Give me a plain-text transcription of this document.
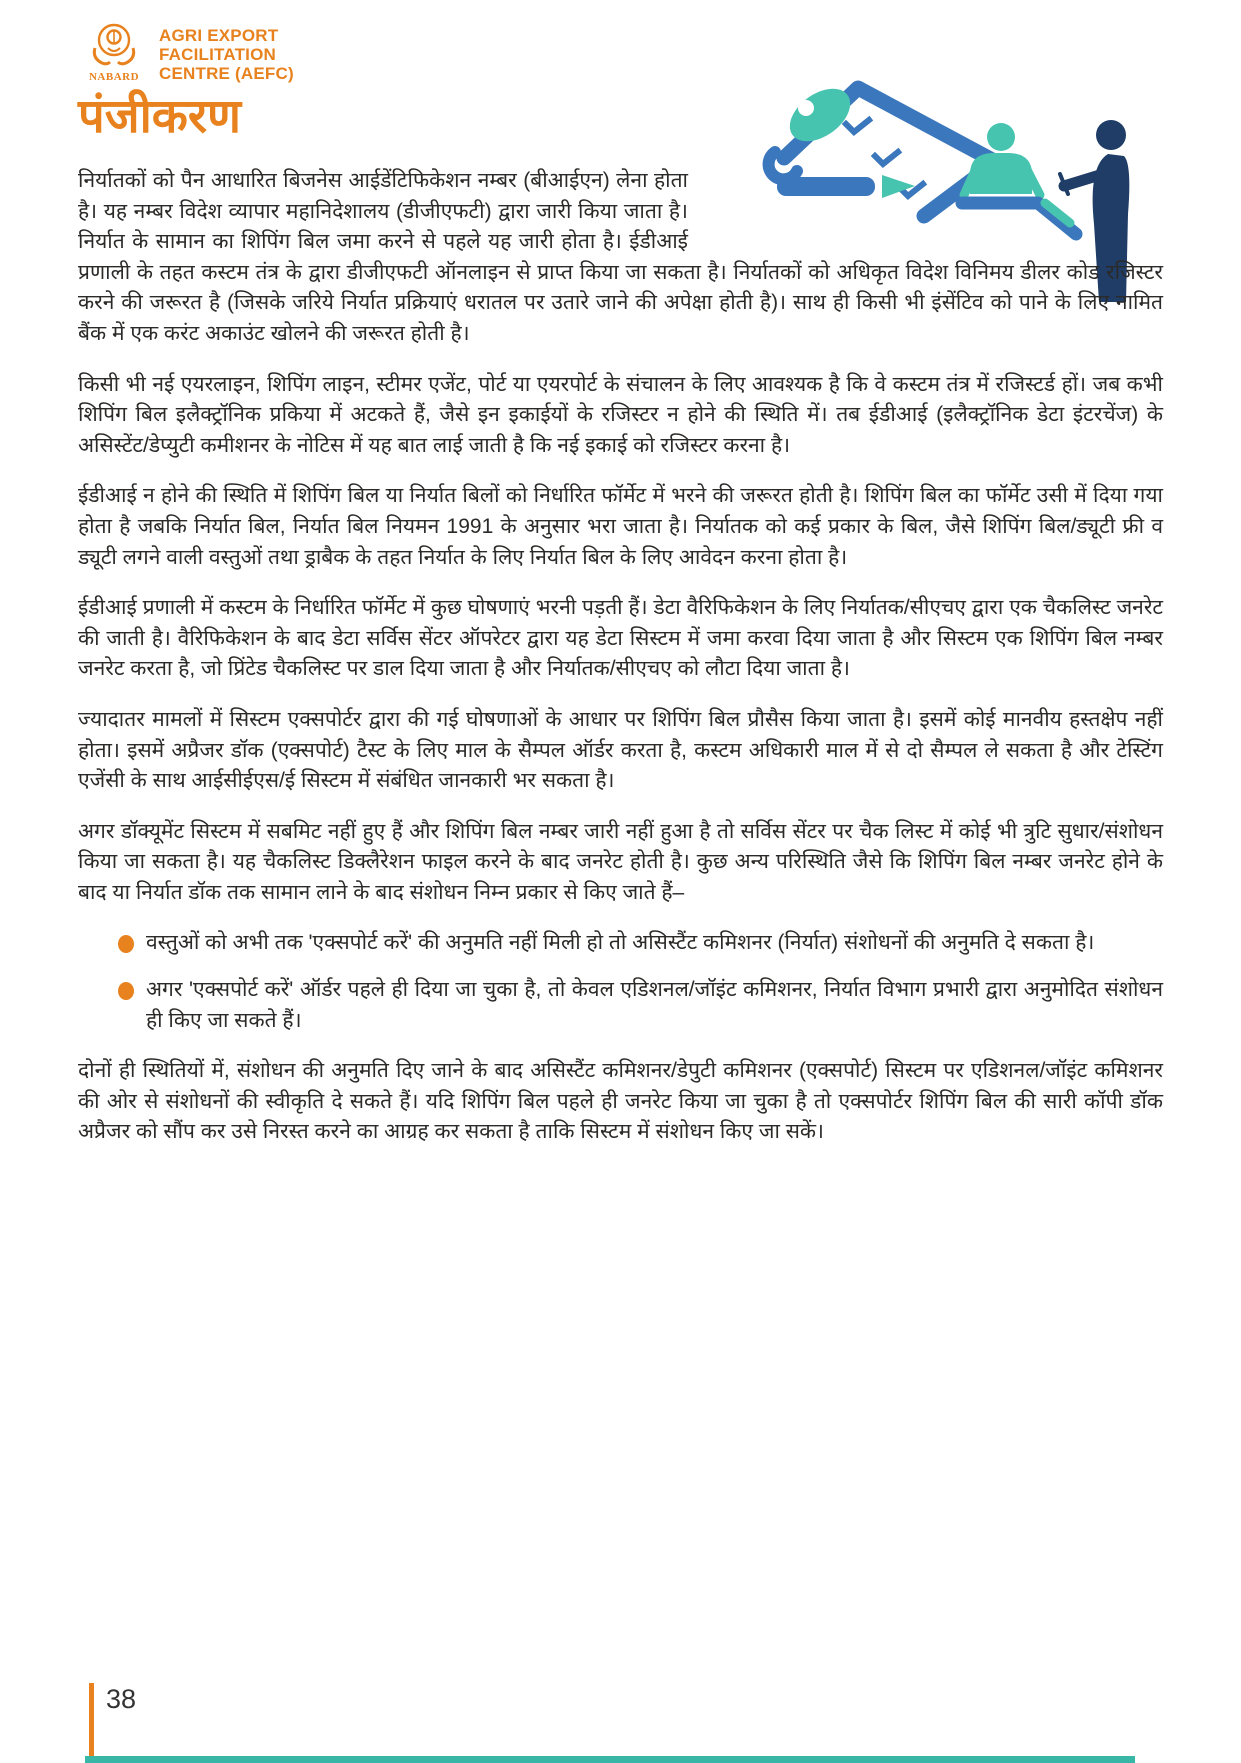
NABARD
AGRI EXPORT
FACILITATION
CENTRE (AEFC)
पंजीकरण

निर्यातकों को पैन आधारित बिजनेस आईडेंटिफिकेशन नम्बर (बीआईएन) लेना होता है। यह नम्बर विदेश व्यापार महानिदेशालय (डीजीएफटी) द्वारा जारी किया जाता है। निर्यात के सामान का शिपिंग बिल जमा करने से पहले यह जारी होता है। ईडीआई प्रणाली के तहत कस्टम तंत्र के द्वारा डीजीएफटी ऑनलाइन से प्राप्त किया जा सकता है। निर्यातकों को अधिकृत विदेश विनिमय डीलर कोड रजिस्टर करने की जरूरत है (जिसके जरिये निर्यात प्रक्रियाएं धरातल पर उतारे जाने की अपेक्षा होती है)। साथ ही किसी भी इंसेंटिव को पाने के लिए नामित बैंक में एक करंट अकाउंट खोलने की जरूरत होती है।

किसी भी नई एयरलाइन, शिपिंग लाइन, स्टीमर एजेंट, पोर्ट या एयरपोर्ट के संचालन के लिए आवश्यक है कि वे कस्टम तंत्र में रजिस्टर्ड हों। जब कभी शिपिंग बिल इलैक्ट्रॉनिक प्रकिया में अटकते हैं, जैसे इन इकाईयों के रजिस्टर न होने की स्थिति में। तब ईडीआई (इलैक्ट्रॉनिक डेटा इंटरचेंज) के असिस्टेंट/डेप्युटी कमीशनर के नोटिस में यह बात लाई जाती है कि नई इकाई को रजिस्टर करना है।

ईडीआई न होने की स्थिति में शिपिंग बिल या निर्यात बिलों को निर्धारित फॉर्मेट में भरने की जरूरत होती है। शिपिंग बिल का फॉर्मेट उसी में दिया गया होता है जबकि निर्यात बिल, निर्यात बिल नियमन 1991 के अनुसार भरा जाता है। निर्यातक को कई प्रकार के बिल, जैसे शिपिंग बिल/ड्यूटी फ्री व ड्यूटी लगने वाली वस्तुओं तथा ड्राबैक के तहत निर्यात के लिए निर्यात बिल के लिए आवेदन करना होता है।

ईडीआई प्रणाली में कस्टम के निर्धारित फॉर्मेट में कुछ घोषणाएं भरनी पड़ती हैं। डेटा वैरिफिकेशन के लिए निर्यातक/सीएचए द्वारा एक चैकलिस्ट जनरेट की जाती है। वैरिफिकेशन के बाद डेटा सर्विस सेंटर ऑपरेटर द्वारा यह डेटा सिस्टम में जमा करवा दिया जाता है और सिस्टम एक शिपिंग बिल नम्बर जनरेट करता है, जो प्रिंटेड चैकलिस्ट पर डाल दिया जाता है और निर्यातक/सीएचए को लौटा दिया जाता है।

ज्यादातर मामलों में सिस्टम एक्सपोर्टर द्वारा की गई घोषणाओं के आधार पर शिपिंग बिल प्रौसैस किया जाता है। इसमें कोई मानवीय हस्तक्षेप नहीं होता। इसमें अप्रैजर डॉक (एक्सपोर्ट) टैस्ट के लिए माल के सैम्पल ऑर्डर करता है, कस्टम अधिकारी माल में से दो सैम्पल ले सकता है और टेस्टिंग एजेंसी के साथ आईसीईएस/ई सिस्टम में संबंधित जानकारी भर सकता है।

अगर डॉक्यूमेंट सिस्टम में सबमिट नहीं हुए हैं और शिपिंग बिल नम्बर जारी नहीं हुआ है तो सर्विस सेंटर पर चैक लिस्ट में कोई भी त्रुटि सुधार/संशोधन किया जा सकता है। यह चैकलिस्ट डिक्लैरेशन फाइल करने के बाद जनरेट होती है। कुछ अन्य परिस्थिति जैसे कि शिपिंग बिल नम्बर जनरेट होने के बाद या निर्यात डॉक तक सामान लाने के बाद संशोधन निम्न प्रकार से किए जाते हैं–

वस्तुओं को अभी तक 'एक्सपोर्ट करें' की अनुमति नहीं मिली हो तो असिस्टैंट कमिशनर (निर्यात) संशोधनों की अनुमति दे सकता है।
अगर 'एक्सपोर्ट करें' ऑर्डर पहले ही दिया जा चुका है, तो केवल एडिशनल/जॉइंट कमिशनर, निर्यात विभाग प्रभारी द्वारा अनुमोदित संशोधन ही किए जा सकते हैं।

दोनों ही स्थितियों में, संशोधन की अनुमति दिए जाने के बाद असिस्टैंट कमिशनर/डेपुटी कमिशनर (एक्सपोर्ट) सिस्टम पर एडिशनल/जॉइंट कमिशनर की ओर से संशोधनों की स्वीकृति दे सकते हैं। यदि शिपिंग बिल पहले ही जनरेट किया जा चुका है तो एक्सपोर्टर शिपिंग बिल की सारी कॉपी डॉक अप्रैजर को सौंप कर उसे निरस्त करने का आग्रह कर सकता है ताकि सिस्टम में संशोधन किए जा सकें।

38
